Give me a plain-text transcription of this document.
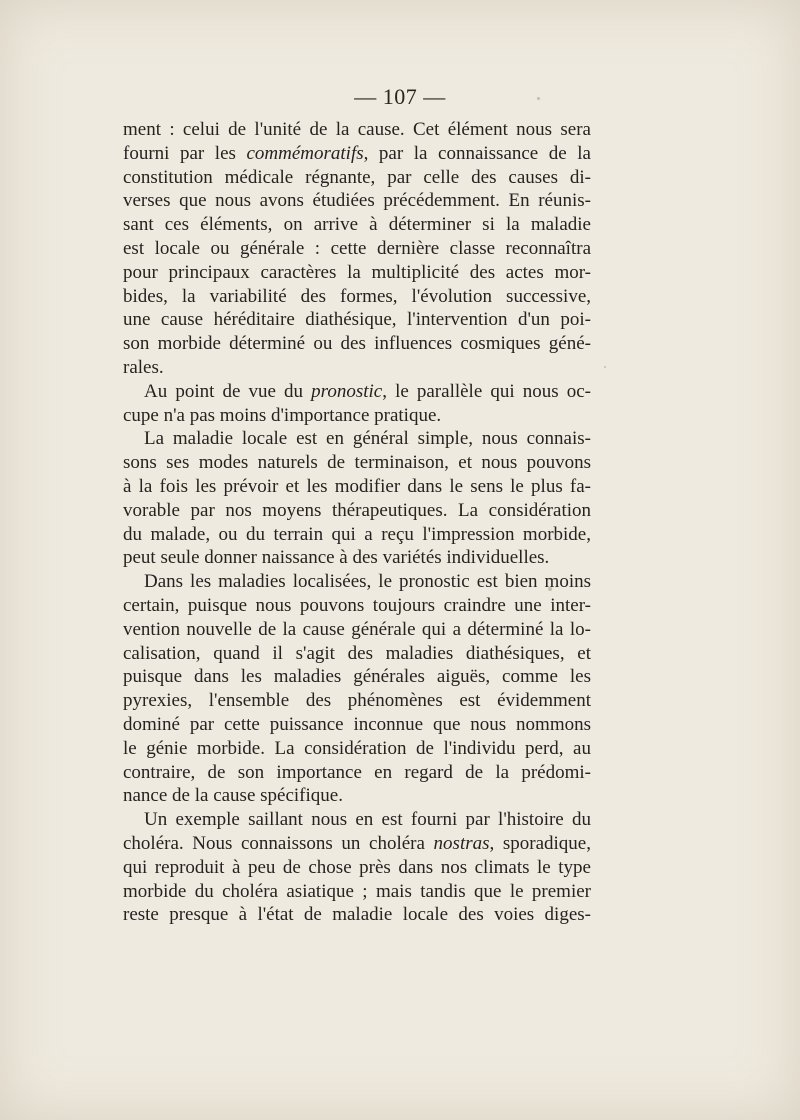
— 107 —
ment : celui de l'unité de la cause. Cet élément nous sera
fourni par les commémoratifs, par la connaissance de la
constitution médicale régnante, par celle des causes di-
verses que nous avons étudiées précédemment. En réunis-
sant ces éléments, on arrive à déterminer si la maladie
est locale ou générale : cette dernière classe reconnaîtra
pour principaux caractères la multiplicité des actes mor-
bides, la variabilité des formes, l'évolution successive,
une cause héréditaire diathésique, l'intervention d'un poi-
son morbide déterminé ou des influences cosmiques géné-
rales.
Au point de vue du pronostic, le parallèle qui nous oc-
cupe n'a pas moins d'importance pratique.
La maladie locale est en général simple, nous connais-
sons ses modes naturels de terminaison, et nous pouvons
à la fois les prévoir et les modifier dans le sens le plus fa-
vorable par nos moyens thérapeutiques. La considération
du malade, ou du terrain qui a reçu l'impression morbide,
peut seule donner naissance à des variétés individuelles.
Dans les maladies localisées, le pronostic est bien moins
certain, puisque nous pouvons toujours craindre une inter-
vention nouvelle de la cause générale qui a déterminé la lo-
calisation, quand il s'agit des maladies diathésiques, et
puisque dans les maladies générales aiguës, comme les
pyrexies, l'ensemble des phénomènes est évidemment
dominé par cette puissance inconnue que nous nommons
le génie morbide. La considération de l'individu perd, au
contraire, de son importance en regard de la prédomi-
nance de la cause spécifique.
Un exemple saillant nous en est fourni par l'histoire du
choléra. Nous connaissons un choléra nostras, sporadique,
qui reproduit à peu de chose près dans nos climats le type
morbide du choléra asiatique ; mais tandis que le premier
reste presque à l'état de maladie locale des voies diges-
